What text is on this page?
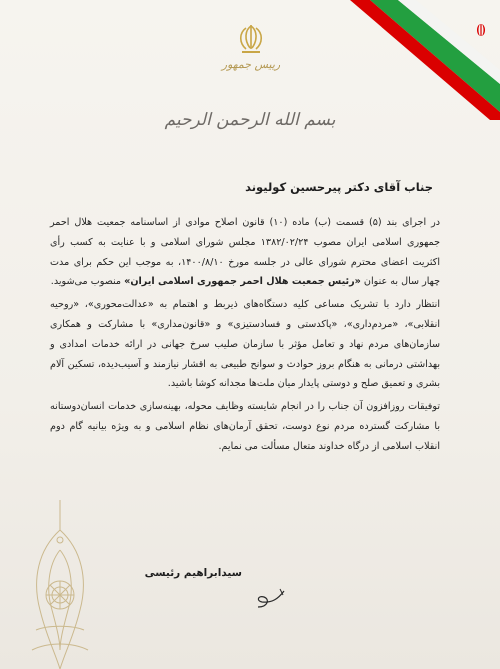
رییس جمهور
بسم الله الرحمن الرحیم
جناب آقای دکتر پیرحسین کولیوند

در اجرای بند (۵) قسمت (ب) ماده (۱۰) قانون اصلاح موادی از اساسنامه جمعیت هلال احمر جمهوری اسلامی ایران مصوب ۱۳۸۲/۰۲/۲۴ مجلس شورای اسلامی و با عنایت به کسب رأی اکثریت اعضای محترم شورای عالی در جلسه مورخ ۱۴۰۰/۸/۱۰، به موجب این حکم برای مدت چهار سال به عنوان «رئیس جمعیت هلال احمر جمهوری اسلامی ایران» منصوب می‌شوید.

انتظار دارد با تشریک مساعی کلیه دستگاه‌های ذیربط و اهتمام به «عدالت‌محوری»، «روحیه انقلابی»، «مردم‌داری»، «پاکدستی و فسادستیزی» و «قانون‌مداری» با مشارکت و همکاری سازمان‌های مردم نهاد و تعامل مؤثر با سازمان صلیب سرخ جهانی در ارائه خدمات امدادی و بهداشتی درمانی به هنگام بروز حوادث و سوانح طبیعی به اقشار نیازمند و آسیب‌دیده، تسکین آلام بشری و تعمیق صلح و دوستی پایدار میان ملت‌ها مجدانه کوشا باشید.

توفیقات روزافزون آن جناب را در انجام شایسته وظایف محوله، بهینه‌سازی خدمات انسان‌دوستانه با مشارکت گسترده مردم نوع دوست، تحقق آرمان‌های نظام اسلامی و به ویژه بیانیه گام دوم انقلاب اسلامی از درگاه خداوند متعال مسألت می نمایم.

سیدابراهیم رئیسی
